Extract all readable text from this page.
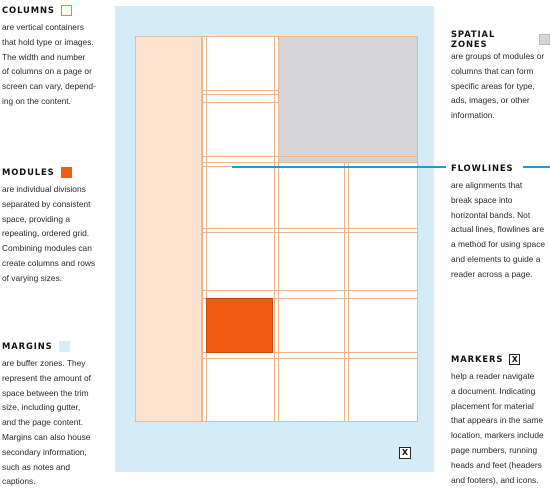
COLUMNS
are vertical containers
that hold type or images.
The width and number
of columns on a page or
screen can vary, depend-
ing on the content.
MODULES
are individual divisions
separated by consistent
space, providing a
repeating, ordered grid.
Combining modules can
create columns and rows
of varying sizes.
MARGINS
are buffer zones. They
represent the amount of
space between the trim
size, including gutter,
and the page content.
Margins can also house
secondary information,
such as notes and
captions.
X
SPATIAL ZONES
are groups of modules or
columns that can form
specific areas for type,
ads, images, or other
information.
FLOWLINES
are alignments that
break space into
horizontal bands. Not
actual lines, flowlines are
a method for using space
and elements to guide a
reader across a page.
MARKERS	X
help a reader navigate
a document. Indicating
placement for material
that appears in the same
location, markers include
page numbers, running
heads and feet (headers
and footers), and icons.
